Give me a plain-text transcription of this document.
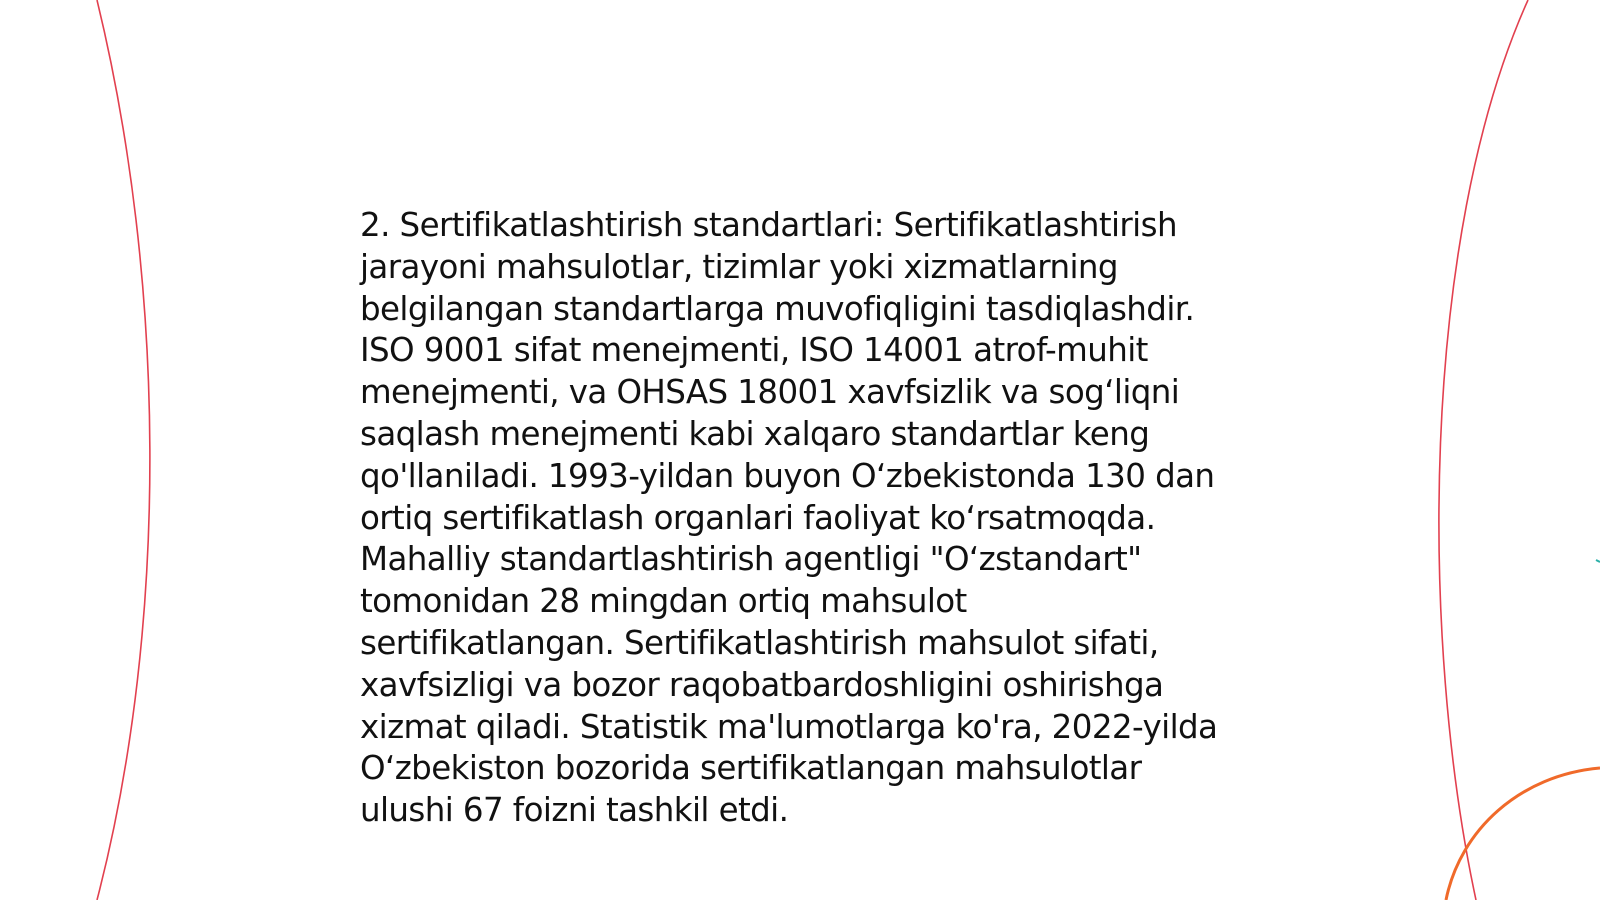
2. Sertifikatlashtirish standartlari: Sertifikatlashtirish
jarayoni mahsulotlar, tizimlar yoki xizmatlarning
belgilangan standartlarga muvofiqligini tasdiqlashdir.
ISO 9001 sifat menejmenti, ISO 14001 atrof-muhit
menejmenti, va OHSAS 18001 xavfsizlik va sog‘liqni
saqlash menejmenti kabi xalqaro standartlar keng
qo'llaniladi. 1993-yildan buyon O‘zbekistonda 130 dan
ortiq sertifikatlash organlari faoliyat ko‘rsatmoqda.
Mahalliy standartlashtirish agentligi "O‘zstandart"
tomonidan 28 mingdan ortiq mahsulot
sertifikatlangan. Sertifikatlashtirish mahsulot sifati,
xavfsizligi va bozor raqobatbardoshligini oshirishga
xizmat qiladi. Statistik ma'lumotlarga ko'ra, 2022-yilda
O‘zbekiston bozorida sertifikatlangan mahsulotlar
ulushi 67 foizni tashkil etdi.
